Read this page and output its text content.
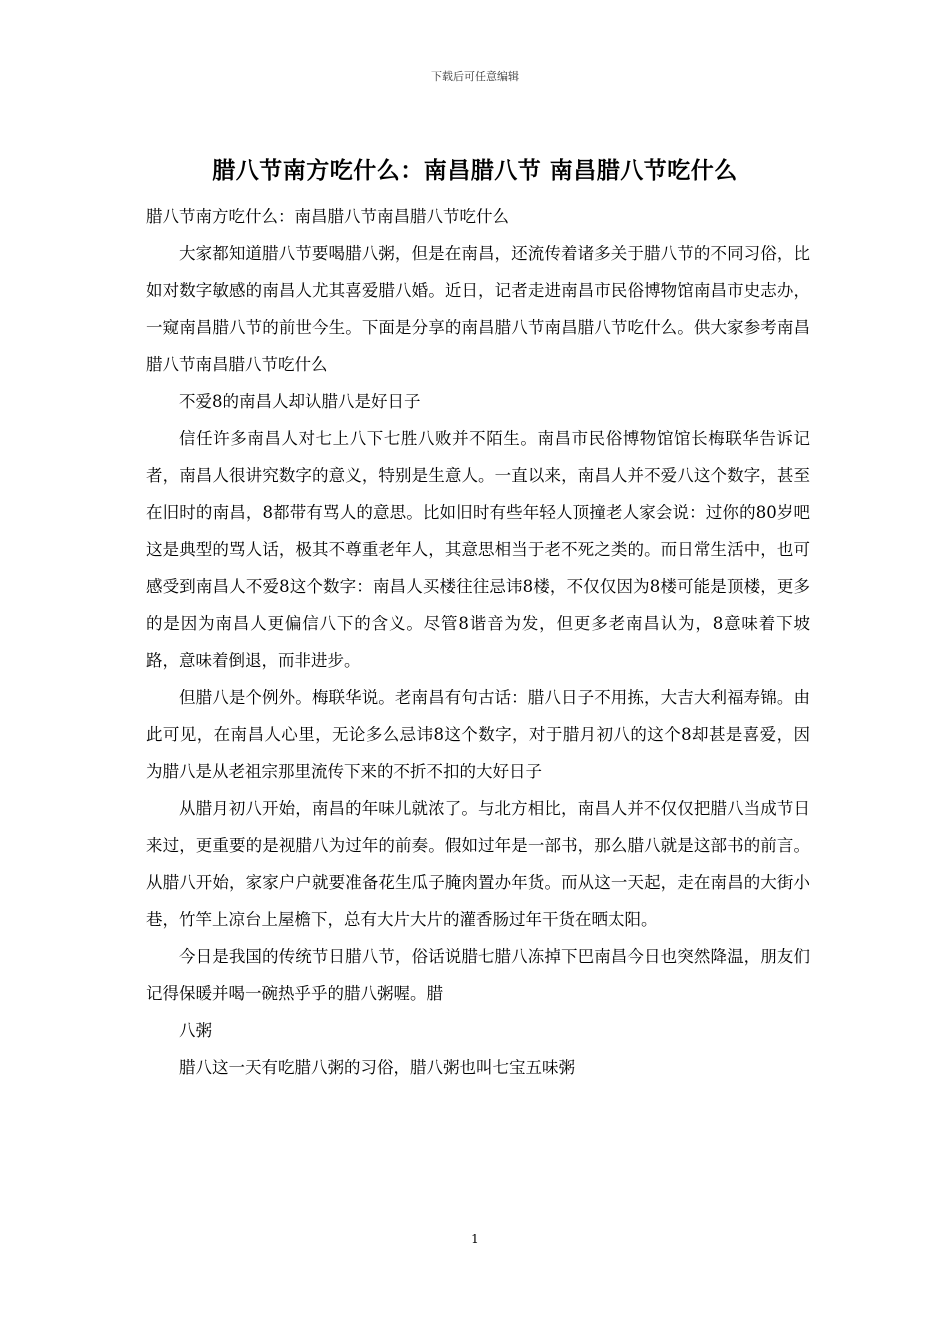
下载后可任意编辑
腊八节南方吃什么：南昌腊八节 南昌腊八节吃什么

腊八节南方吃什么：南昌腊八节南昌腊八节吃什么

大家都知道腊八节要喝腊八粥，但是在南昌，还流传着诸多关于腊八节的不同习俗，比如对数字敏感的南昌人尤其喜爱腊八婚。近日，记者走进南昌市民俗博物馆南昌市史志办，一窥南昌腊八节的前世今生。下面是分享的南昌腊八节南昌腊八节吃什么。供大家参考南昌腊八节南昌腊八节吃什么

不爱8的南昌人却认腊八是好日子

信任许多南昌人对七上八下七胜八败并不陌生。南昌市民俗博物馆馆长梅联华告诉记者，南昌人很讲究数字的意义，特别是生意人。一直以来，南昌人并不爱八这个数字，甚至在旧时的南昌，8都带有骂人的意思。比如旧时有些年轻人顶撞老人家会说：过你的80岁吧这是典型的骂人话，极其不尊重老年人，其意思相当于老不死之类的。而日常生活中，也可感受到南昌人不爱8这个数字：南昌人买楼往往忌讳8楼，不仅仅因为8楼可能是顶楼，更多的是因为南昌人更偏信八下的含义。尽管8谐音为发，但更多老南昌认为，8意味着下坡路，意味着倒退，而非进步。

但腊八是个例外。梅联华说。老南昌有句古话：腊八日子不用拣，大吉大利福寿锦。由此可见，在南昌人心里，无论多么忌讳8这个数字，对于腊月初八的这个8却甚是喜爱，因为腊八是从老祖宗那里流传下来的不折不扣的大好日子

从腊月初八开始，南昌的年味儿就浓了。与北方相比，南昌人并不仅仅把腊八当成节日来过，更重要的是视腊八为过年的前奏。假如过年是一部书，那么腊八就是这部书的前言。从腊八开始，家家户户就要准备花生瓜子腌肉置办年货。而从这一天起，走在南昌的大街小巷，竹竿上凉台上屋檐下，总有大片大片的灌香肠过年干货在晒太阳。

今日是我国的传统节日腊八节，俗话说腊七腊八冻掉下巴南昌今日也突然降温，朋友们记得保暖并喝一碗热乎乎的腊八粥喔。腊

八粥

腊八这一天有吃腊八粥的习俗，腊八粥也叫七宝五味粥

1
